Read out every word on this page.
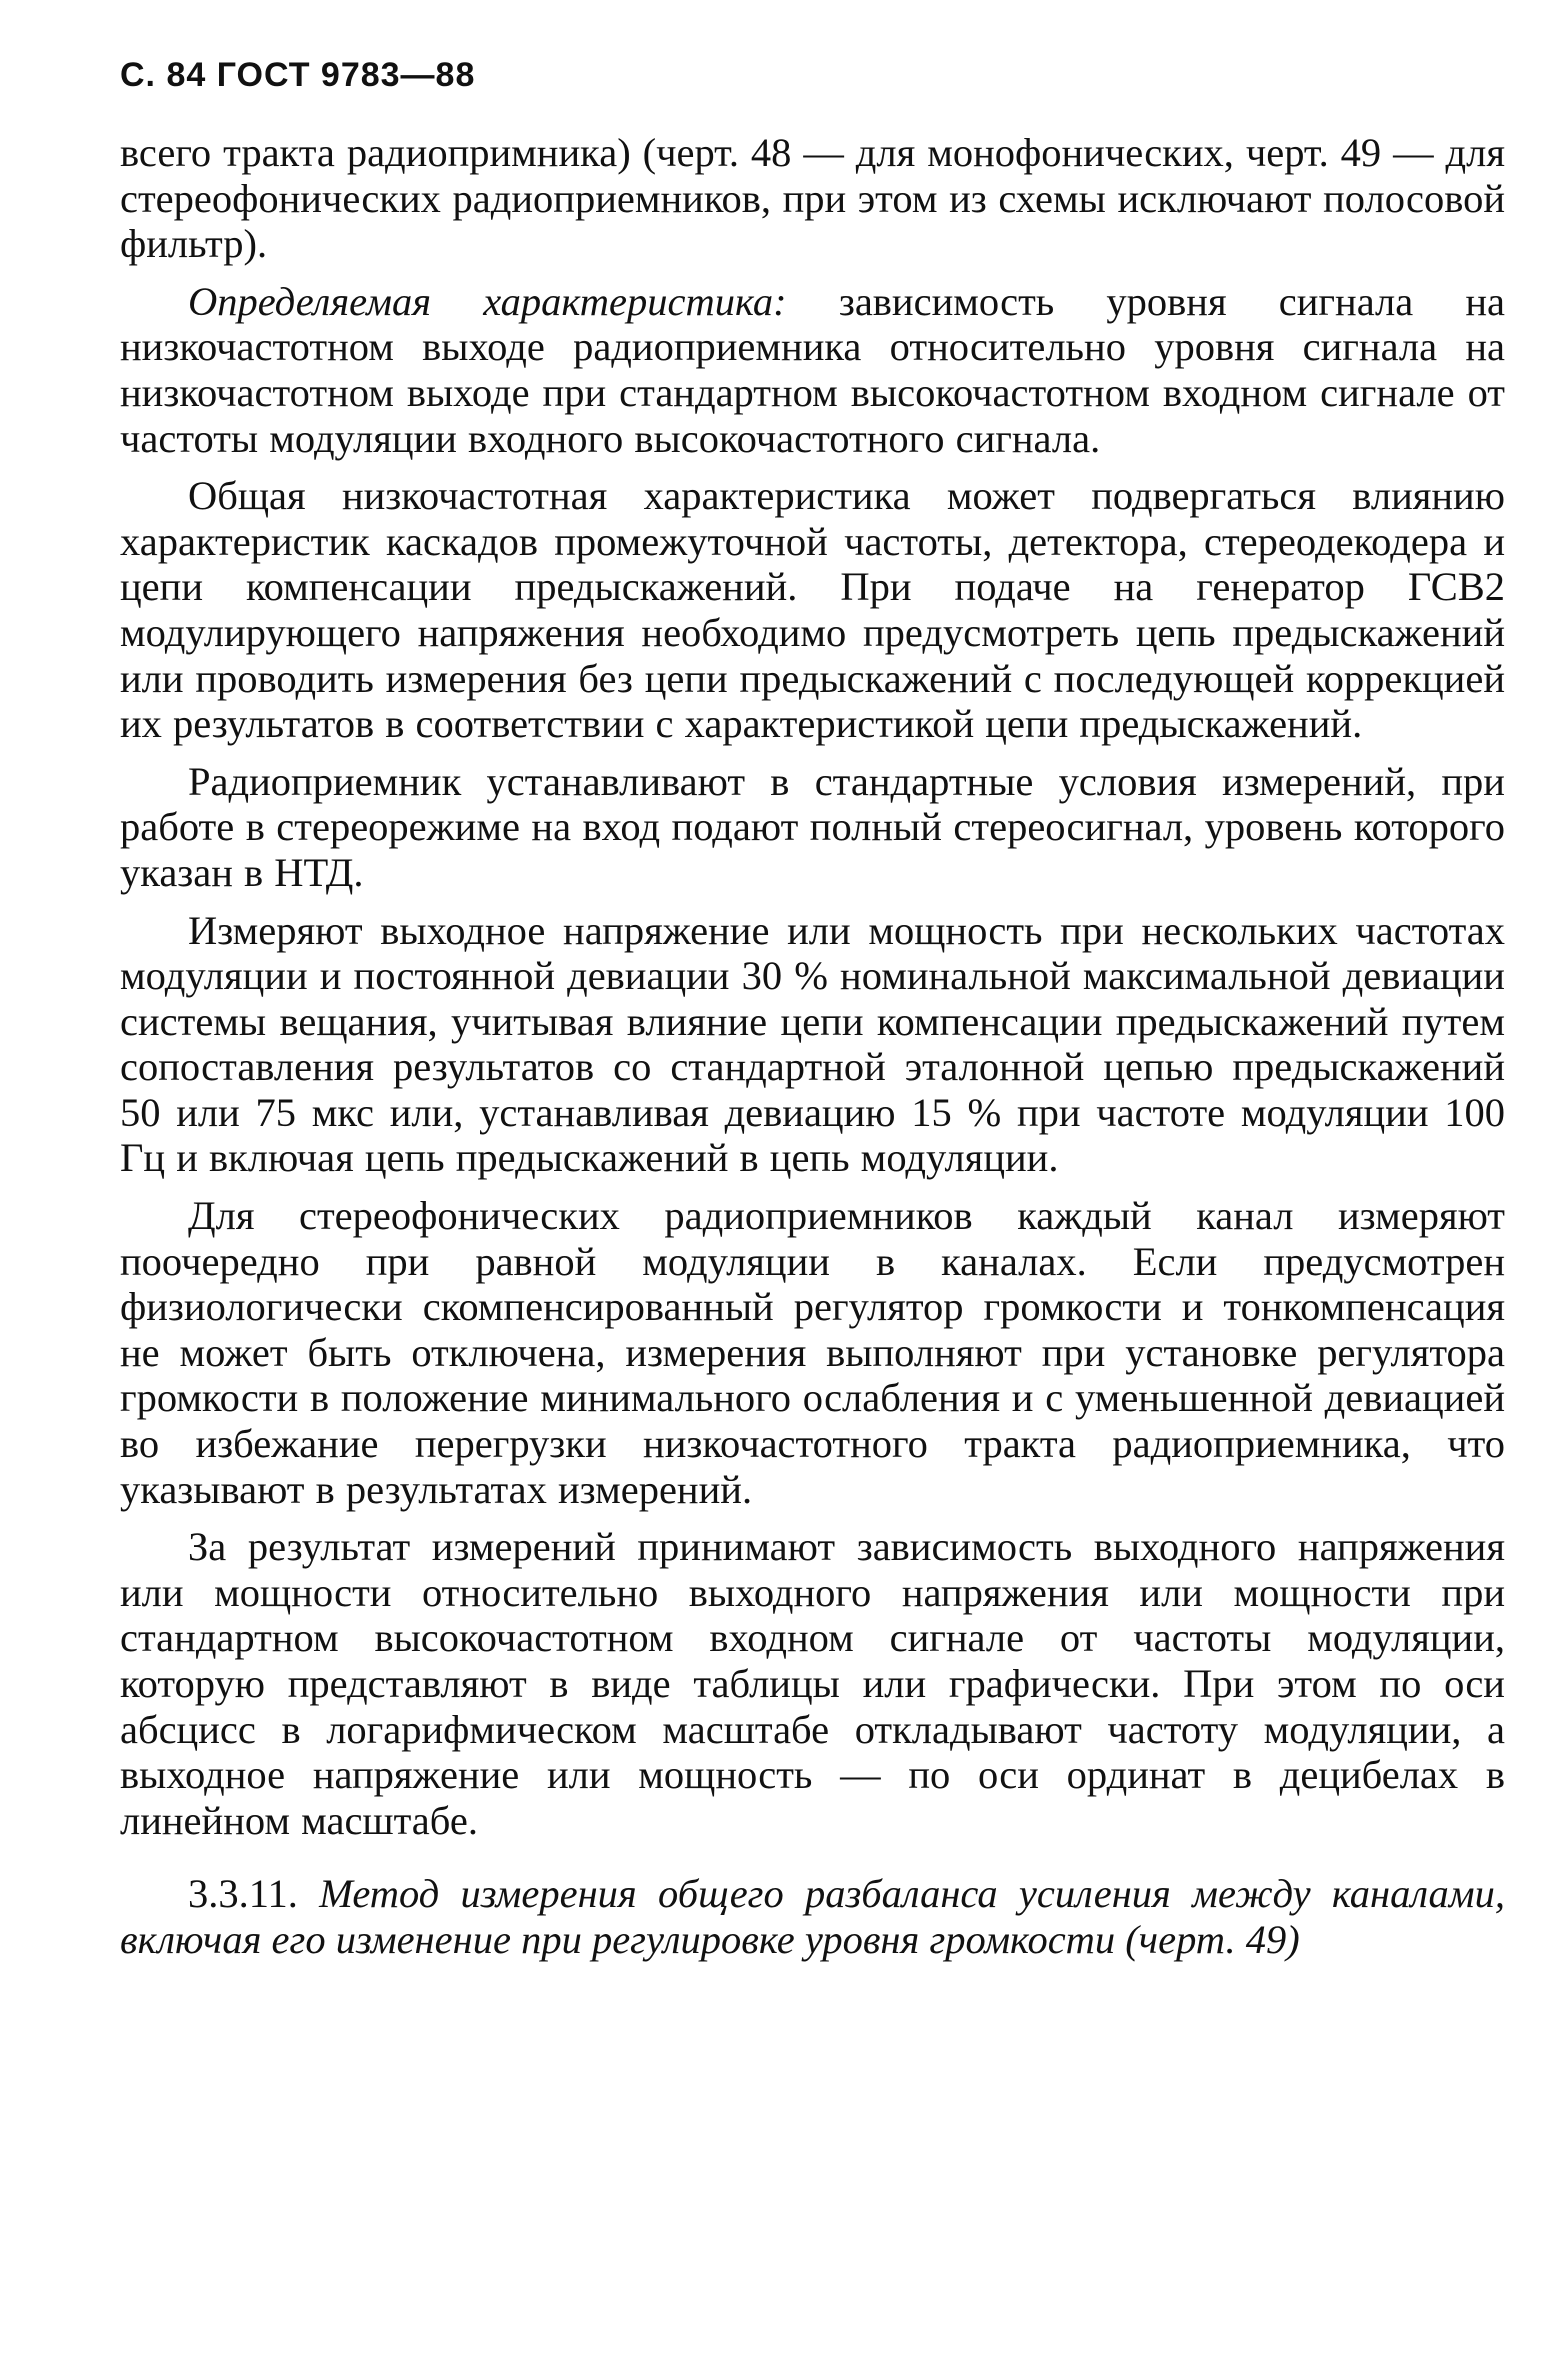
С. 84 ГОСТ 9783—88

всего тракта радиопримника) (черт. 48 — для монофонических, черт. 49 — для стереофонических радиоприемников, при этом из схемы исключают полосовой фильтр).

Определяемая характеристика: зависимость уровня сигнала на низкочастотном выходе радиоприемника относительно уровня сигнала на низкочастотном выходе при стандартном высокочастотном входном сигнале от частоты модуляции входного высокочастотного сигнала.

Общая низкочастотная характеристика может подвергаться влиянию характеристик каскадов промежуточной частоты, детектора, стереодекодера и цепи компенсации предыскажений. При подаче на генератор ГСВ2 модулирующего напряжения необходимо предусмотреть цепь предыскажений или проводить измерения без цепи предыскажений с последующей коррекцией их результатов в соответствии с характеристикой цепи предыскажений.

Радиоприемник устанавливают в стандартные условия измерений, при работе в стереорежиме на вход подают полный стереосигнал, уровень которого указан в НТД.

Измеряют выходное напряжение или мощность при нескольких частотах модуляции и постоянной девиации 30 % номинальной максимальной девиации системы вещания, учитывая влияние цепи компенсации предыскажений путем сопоставления результатов со стандартной эталонной цепью предыскажений 50 или 75 мкс или, устанавливая девиацию 15 % при частоте модуляции 100 Гц и включая цепь предыскажений в цепь модуляции.

Для стереофонических радиоприемников каждый канал измеряют поочередно при равной модуляции в каналах. Если предусмотрен физиологически скомпенсированный регулятор громкости и тонкомпенсация не может быть отключена, измерения выполняют при установке регулятора громкости в положение минимального ослабления и с уменьшенной девиацией во избежание перегрузки низкочастотного тракта радиоприемника, что указывают в результатах измерений.

За результат измерений принимают зависимость выходного напряжения или мощности относительно выходного напряжения или мощности при стандартном высокочастотном входном сигнале от частоты модуляции, которую представляют в виде таблицы или графически. При этом по оси абсцисс в логарифмическом масштабе откладывают частоту модуляции, а выходное напряжение или мощность — по оси ординат в децибелах в линейном масштабе.

3.3.11. Метод измерения общего разбаланса усиления между каналами, включая его изменение при регулировке уровня громкости (черт. 49)
